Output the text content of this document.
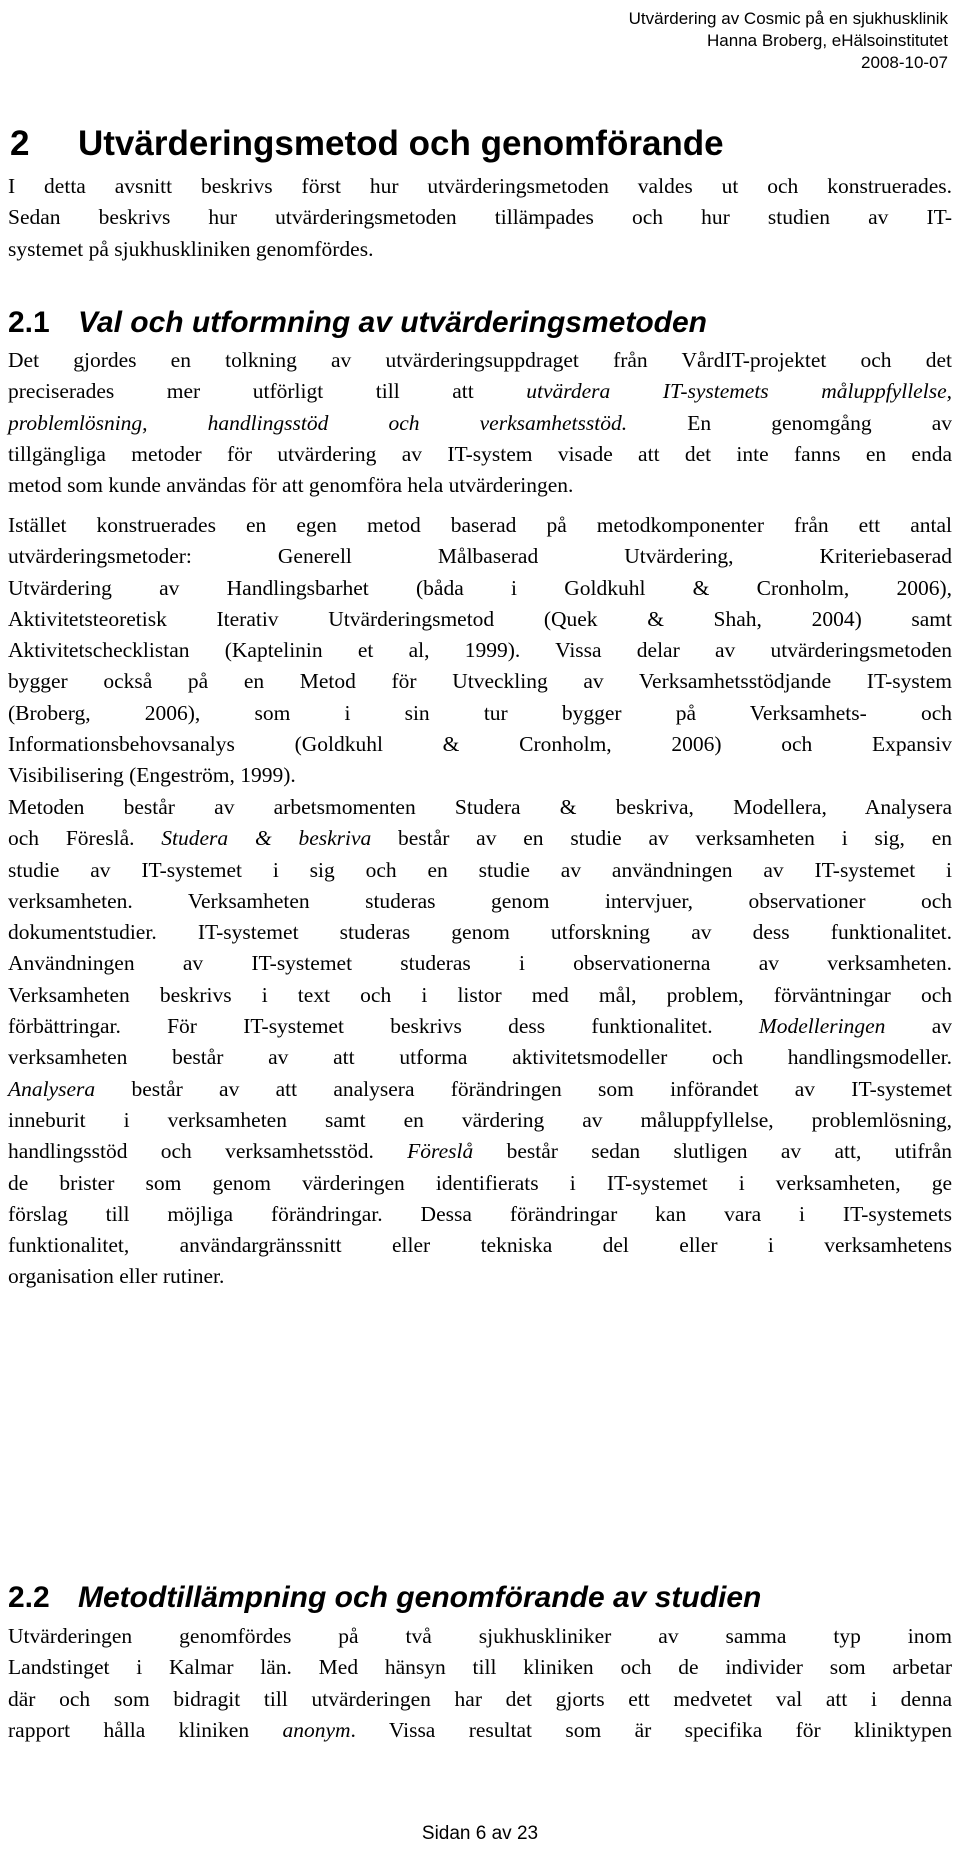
Utvärdering av Cosmic på en sjukhusklinik
Hanna Broberg, eHälsoinstitutet
2008-10-07
2 Utvärderingsmetod och genomförande
I detta avsnitt beskrivs först hur utvärderingsmetoden valdes ut och konstruerades.
Sedan beskrivs hur utvärderingsmetoden tillämpades och hur studien av IT-
systemet på sjukhuskliniken genomfördes.
2.1 Val och utformning av utvärderingsmetoden
Det gjordes en tolkning av utvärderingsuppdraget från VårdIT-projektet och det
preciserades mer utförligt till att utvärdera IT-systemets måluppfyllelse,
problemlösning, handlingsstöd och verksamhetsstöd. En genomgång av
tillgängliga metoder för utvärdering av IT-system visade att det inte fanns en enda
metod som kunde användas för att genomföra hela utvärderingen.
Istället konstruerades en egen metod baserad på metodkomponenter från ett antal
utvärderingsmetoder: Generell Målbaserad Utvärdering, Kriteriebaserad
Utvärdering av Handlingsbarhet (båda i Goldkuhl & Cronholm, 2006),
Aktivitetsteoretisk Iterativ Utvärderingsmetod (Quek & Shah, 2004) samt
Aktivitetschecklistan (Kaptelinin et al, 1999). Vissa delar av utvärderingsmetoden
bygger också på en Metod för Utveckling av Verksamhetsstödjande IT-system
(Broberg, 2006), som i sin tur bygger på Verksamhets- och
Informationsbehovsanalys (Goldkuhl & Cronholm, 2006) och Expansiv
Visibilisering (Engeström, 1999).
Metoden består av arbetsmomenten Studera & beskriva, Modellera, Analysera
och Föreslå. Studera & beskriva består av en studie av verksamheten i sig, en
studie av IT-systemet i sig och en studie av användningen av IT-systemet i
verksamheten. Verksamheten studeras genom intervjuer, observationer och
dokumentstudier. IT-systemet studeras genom utforskning av dess funktionalitet.
Användningen av IT-systemet studeras i observationerna av verksamheten.
Verksamheten beskrivs i text och i listor med mål, problem, förväntningar och
förbättringar. För IT-systemet beskrivs dess funktionalitet. Modelleringen av
verksamheten består av att utforma aktivitetsmodeller och handlingsmodeller.
Analysera består av att analysera förändringen som införandet av IT-systemet
inneburit i verksamheten samt en värdering av måluppfyllelse, problemlösning,
handlingsstöd och verksamhetsstöd. Föreslå består sedan slutligen av att, utifrån
de brister som genom värderingen identifierats i IT-systemet i verksamheten, ge
förslag till möjliga förändringar. Dessa förändringar kan vara i IT-systemets
funktionalitet, användargränssnitt eller tekniska del eller i verksamhetens
organisation eller rutiner.
2.2 Metodtillämpning och genomförande av studien
Utvärderingen genomfördes på två sjukhuskliniker av samma typ inom
Landstinget i Kalmar län. Med hänsyn till kliniken och de individer som arbetar
där och som bidragit till utvärderingen har det gjorts ett medvetet val att i denna
rapport hålla kliniken anonym. Vissa resultat som är specifika för kliniktypen
Sidan 6 av 23
